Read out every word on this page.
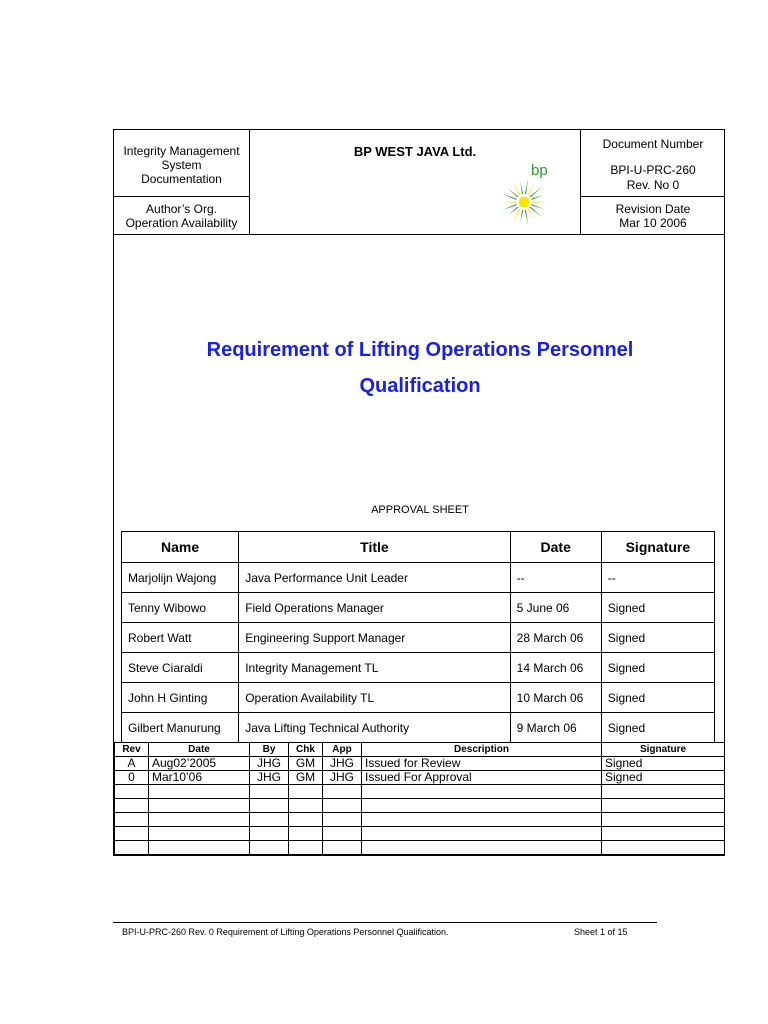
Integrity Management
System
Documentation
Author’s Org.
Operation Availability
BP WEST JAVA Ltd.
bp
Document Number
BPI-U-PRC-260
Rev. No 0
Revision Date
Mar 10 2006
Requirement of Lifting Operations Personnel
Qualification
APPROVAL SHEET
Name	Title	Date	Signature
Marjolijn Wajong	Java Performance Unit Leader	--	--
Tenny Wibowo	Field Operations Manager	5 June 06	Signed
Robert Watt	Engineering Support Manager	28 March 06	Signed
Steve Ciaraldi	Integrity Management TL	14 March 06	Signed
John H Ginting	Operation Availability TL	10 March 06	Signed
Gilbert Manurung	Java Lifting Technical Authority	9 March 06	Signed
Rev	Date	By	Chk	App	Description	Signature
A	Aug02’2005	JHG	GM	JHG	Issued for Review	Signed
0	Mar10’06	JHG	GM	JHG	Issued For Approval	Signed

BPI-U-PRC-260 Rev. 0 Requirement of Lifting Operations Personnel Qualification.	Sheet 1 of 15
